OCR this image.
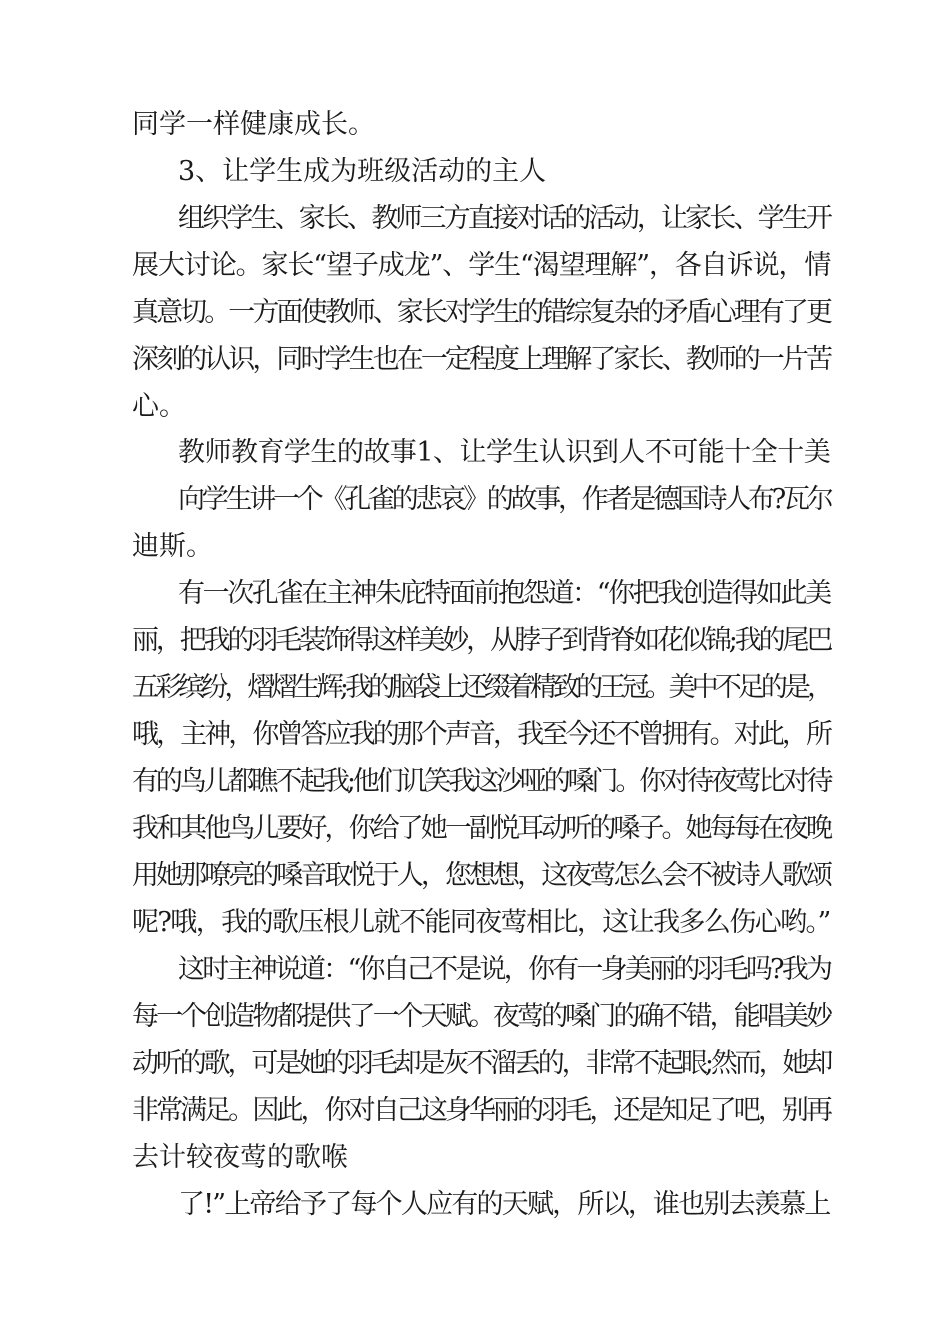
同学一样健康成长。
3、让学生成为班级活动的主人
组织学生、家长、教师三方直接对话的活动，让家长、学生开
展大讨论。家长“望子成龙”、学生“渴望理解”，各自诉说，情
真意切。一方面使教师、家长对学生的错综复杂的矛盾心理有了更
深刻的认识，同时学生也在一定程度上理解了家长、教师的一片苦
心。
教师教育学生的故事1、让学生认识到人不可能十全十美
向学生讲一个《孔雀的悲哀》的故事，作者是德国诗人布?瓦尔
迪斯。
有一次孔雀在主神朱庇特面前抱怨道：“你把我创造得如此美
丽，把我的羽毛装饰得这样美妙，从脖子到背脊如花似锦;我的尾巴
五彩缤纷，熠熠生辉;我的脑袋上还缀着精致的王冠。美中不足的是，
哦，主神，你曾答应我的那个声音，我至今还不曾拥有。对此，所
有的鸟儿都瞧不起我;他们讥笑我这沙哑的嗓门。你对待夜莺比对待
我和其他鸟儿要好，你给了她一副悦耳动听的嗓子。她每每在夜晚
用她那嘹亮的嗓音取悦于人，您想想，这夜莺怎么会不被诗人歌颂
呢?哦，我的歌压根儿就不能同夜莺相比，这让我多么伤心哟。”
这时主神说道：“你自己不是说，你有一身美丽的羽毛吗?我为
每一个创造物都提供了一个天赋。夜莺的嗓门的确不错，能唱美妙
动听的歌，可是她的羽毛却是灰不溜丢的，非常不起眼;然而，她却
非常满足。因此，你对自己这身华丽的羽毛，还是知足了吧，别再
去计较夜莺的歌喉
了!”上帝给予了每个人应有的天赋，所以，谁也别去羡慕上
